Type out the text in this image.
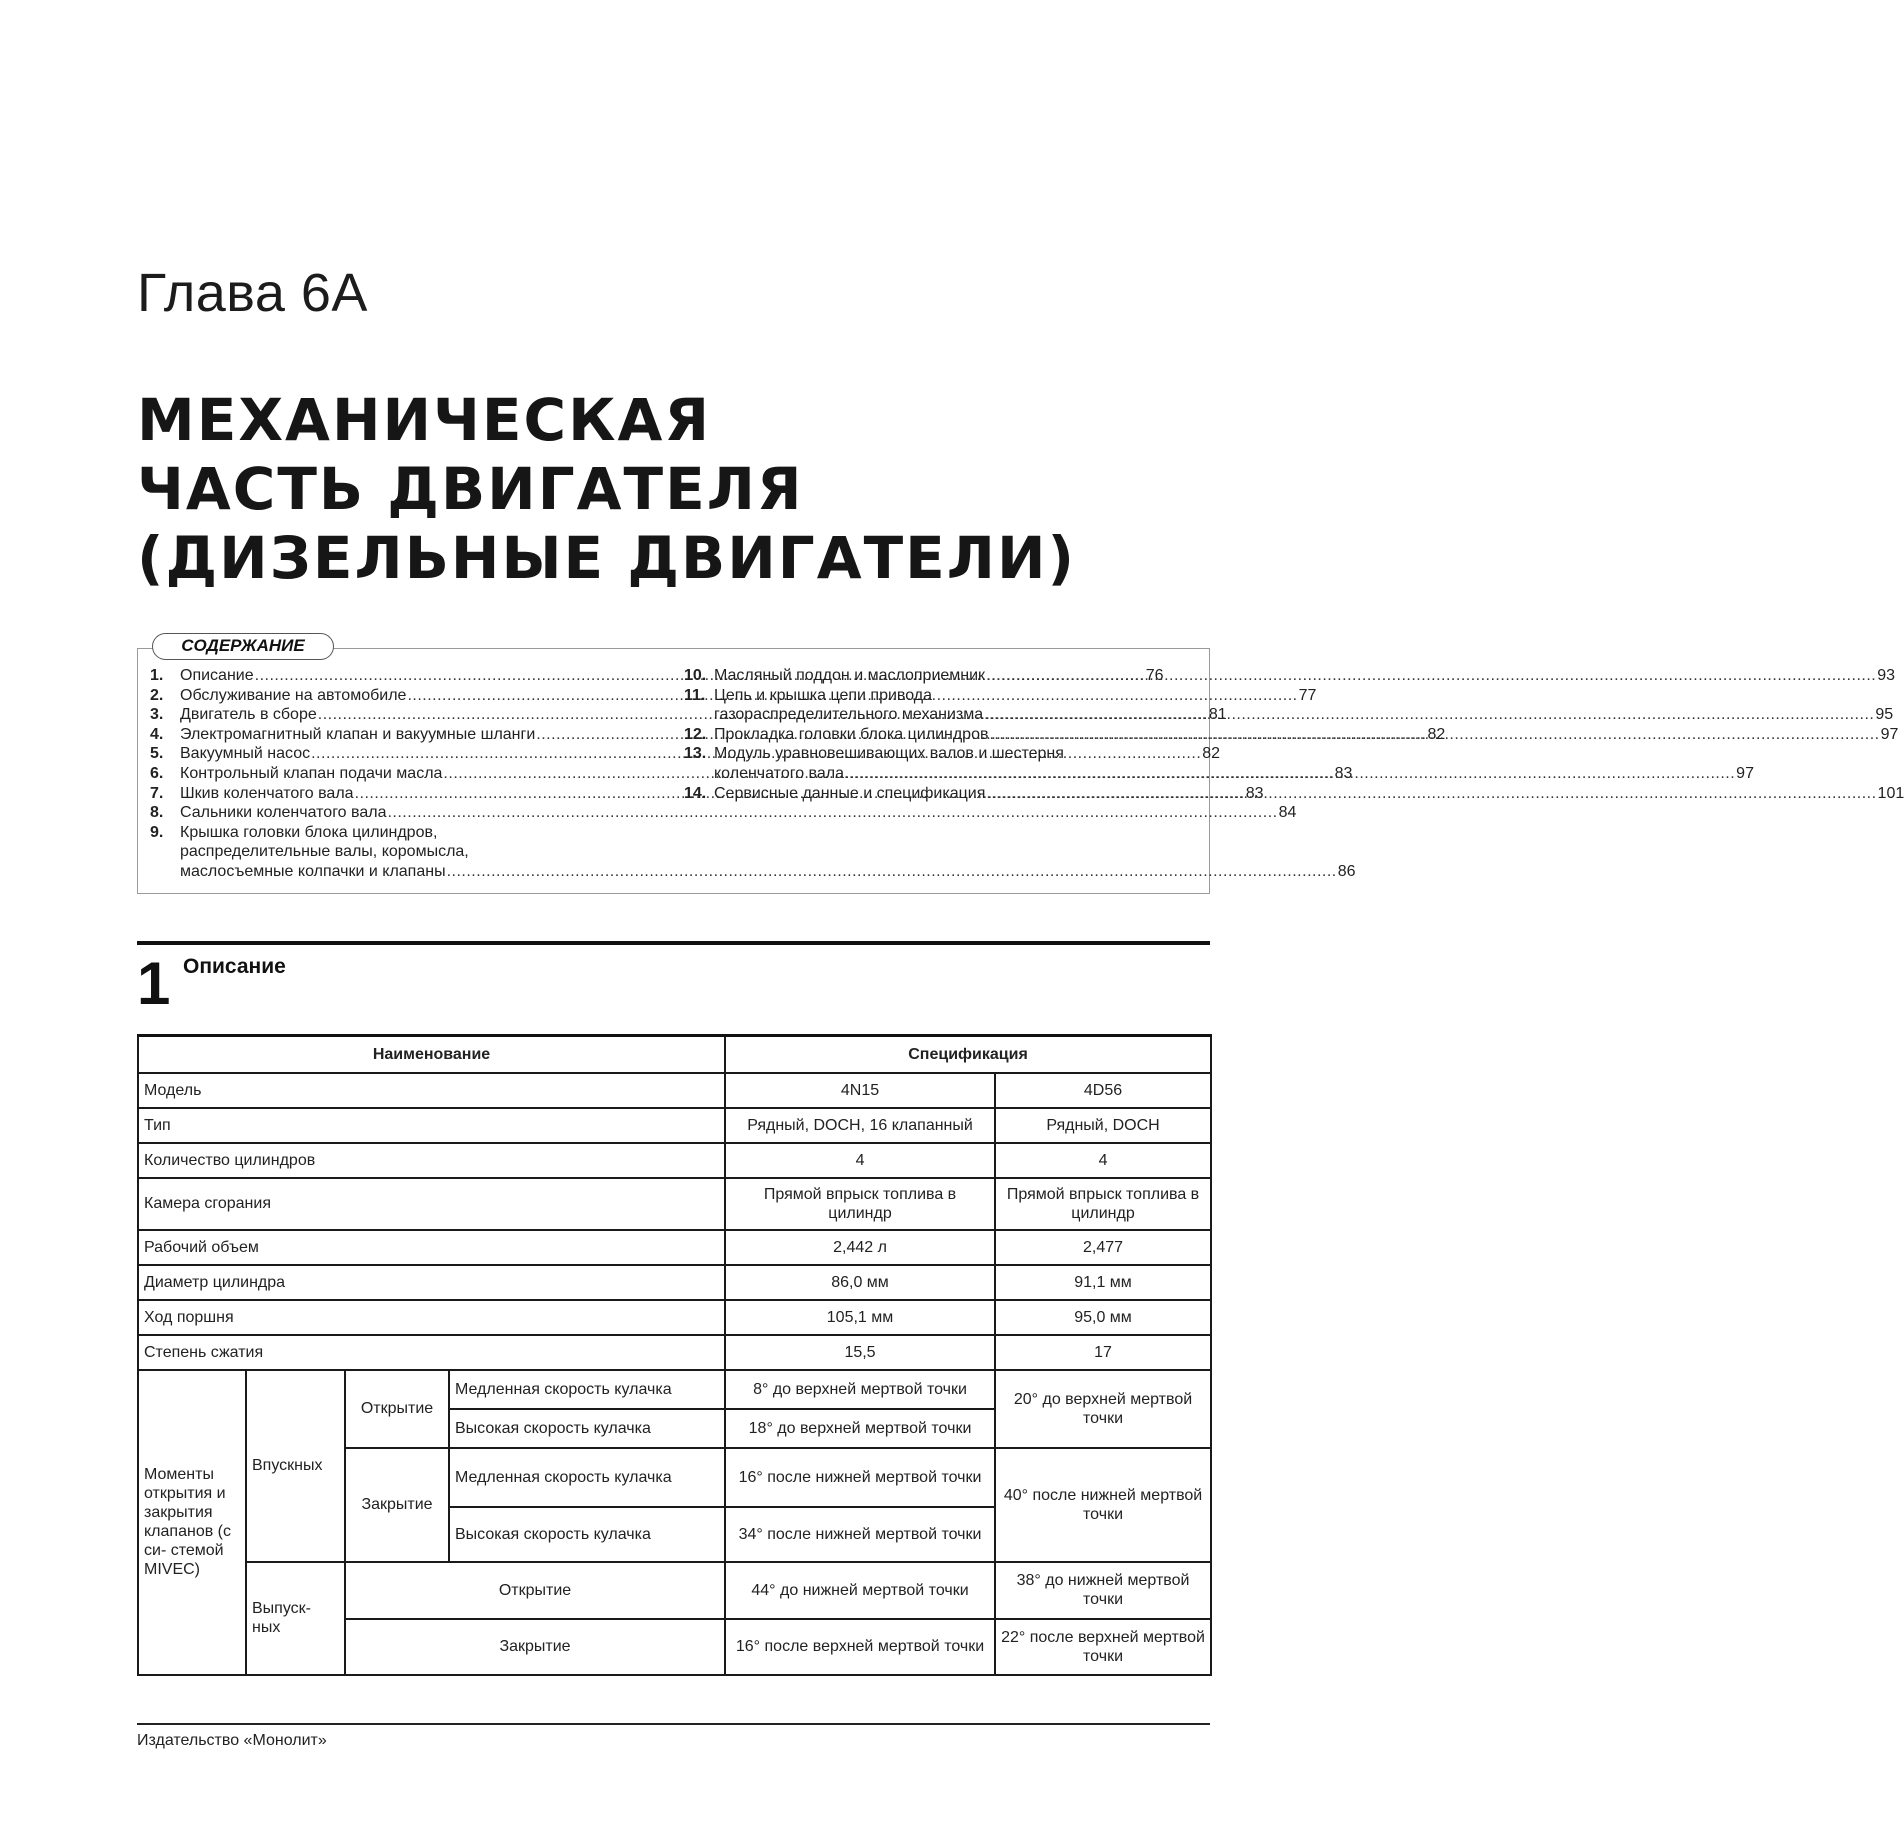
Глава 6А
МЕХАНИЧЕСКАЯ
ЧАСТЬ ДВИГАТЕЛЯ
(ДИЗЕЛЬНЫЕ ДВИГАТЕЛИ)
СОДЕРЖАНИЕ
1.	Описание .....	76
2.	Обслуживание на автомобиле .....	77
3.	Двигатель в сборе .....	81
4.	Электромагнитный клапан и вакуумные шланги .....	82
5.	Вакуумный насос .....	82
6.	Контрольный клапан подачи масла .....	83
7.	Шкив коленчатого вала .....	83
8.	Сальники коленчатого вала .....	84
9.	Крышка головки блока цилиндров,
распределительные валы, коромысла,
маслосъемные колпачки и клапаны .....	86
10. Масляный поддон и маслоприемник .....	93
11. Цепь и крышка цепи привода
газораспределительного механизма .....	95
12. Прокладка головки блока цилиндров .....	97
13. Модуль уравновешивающих валов и шестерня
коленчатого вала .....	97
14. Сервисные данные и спецификация .....	101
1 Описание
Наименование				Спецификация	
Модель				4N15	4D56
Тип				Рядный, DOCH, 16 клапанный	Рядный, DOCH
Количество цилиндров				4	4
Камера сгорания				Прямой впрыск топлива в цилиндр	Прямой впрыск топлива в цилиндр
Рабочий объем				2,442 л	2,477
Диаметр цилиндра				86,0 мм	91,1 мм
Ход поршня				105,1 мм	95,0 мм
Степень сжатия				15,5	17
Моменты открытия и закрытия клапанов (с си- стемой MIVEC)	Впускных	Открытие	Медленная скорость кулачка	8° до верхней мертвой точки	20° до верхней мертвой точки
			Высокая скорость кулачка	18° до верхней мертвой точки	
		Закрытие	Медленная скорость кулачка	16° после нижней мертвой точки	40° после нижней мертвой точки

			Высокая скорость кулачка	34° после нижней мертвой точки	
	Выпуск- ных	Открытие		44° до нижней мертвой точки	38° до нижней мертвой точки

		Закрытие		16° после верхней мертвой точки	22° после верхней мертвой точки
Издательство «Монолит»
